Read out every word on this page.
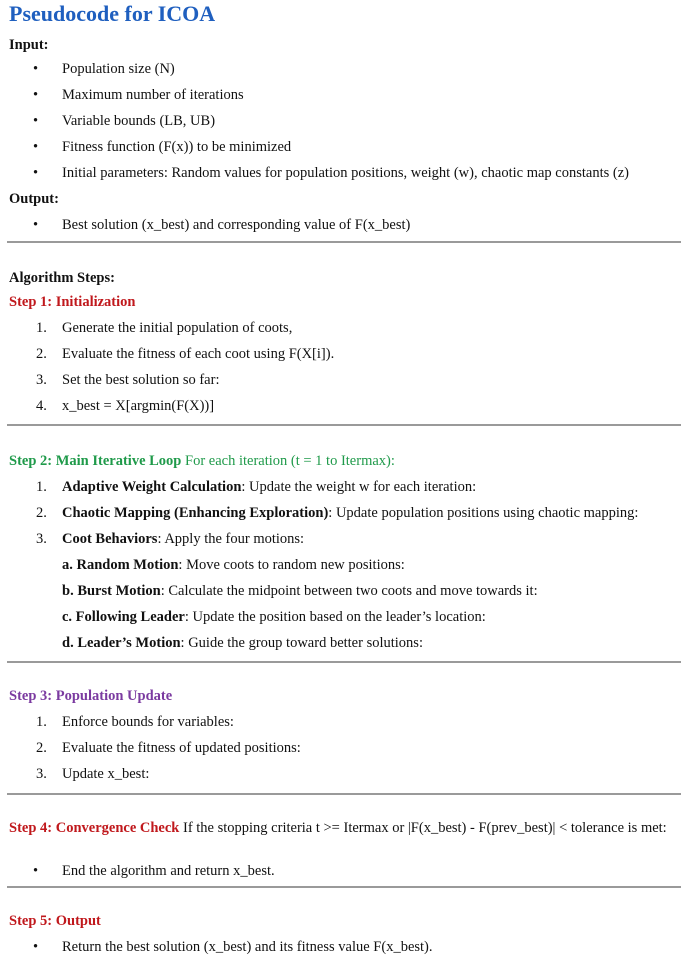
Pseudocode for ICOA
Input:
• Population size (N)
• Maximum number of iterations
• Variable bounds (LB, UB)
• Fitness function (F(x)) to be minimized
• Initial parameters: Random values for population positions, weight (w), chaotic map constants (z)
Output:
• Best solution (x_best) and corresponding value of F(x_best)
Algorithm Steps:
Step 1: Initialization
1. Generate the initial population of coots,
2. Evaluate the fitness of each coot using F(X[i]).
3. Set the best solution so far:
4. x_best = X[argmin(F(X))]
Step 2: Main Iterative Loop For each iteration (t = 1 to Itermax):
1. Adaptive Weight Calculation: Update the weight w for each iteration:
2. Chaotic Mapping (Enhancing Exploration): Update population positions using chaotic mapping:
3. Coot Behaviors: Apply the four motions:
a. Random Motion: Move coots to random new positions:
b. Burst Motion: Calculate the midpoint between two coots and move towards it:
c. Following Leader: Update the position based on the leader’s location:
d. Leader’s Motion: Guide the group toward better solutions:
Step 3: Population Update
1. Enforce bounds for variables:
2. Evaluate the fitness of updated positions:
3. Update x_best:
Step 4: Convergence Check If the stopping criteria t >= Itermax or |F(x_best) - F(prev_best)| < tolerance is met:
• End the algorithm and return x_best.
Step 5: Output
• Return the best solution (x_best) and its fitness value F(x_best).
